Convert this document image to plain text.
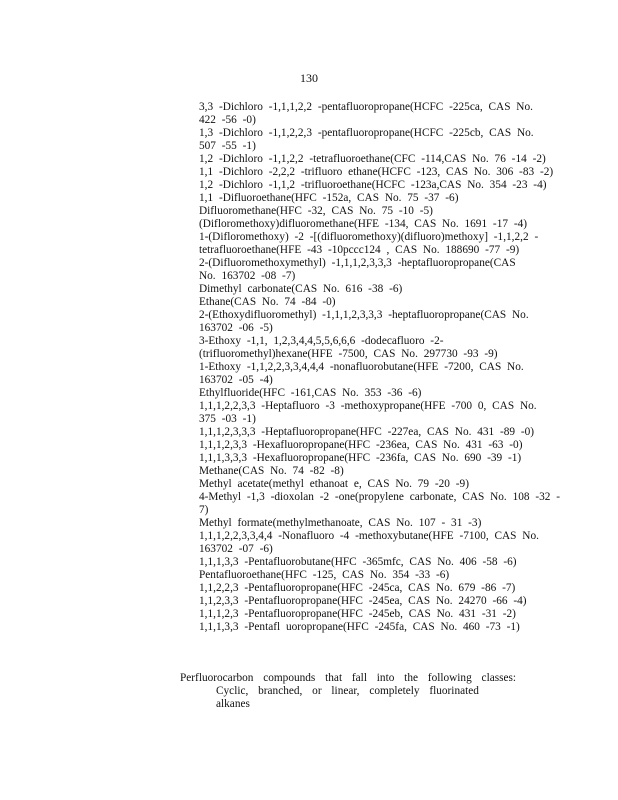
130
3,3 -Dichloro -1,1,1,2,2 -pentafluoropropane(HCFC -225ca, CAS No.
422 -56 -0)
1,3 -Dichloro -1,1,2,2,3 -pentafluoropropane(HCFC -225cb, CAS No.
507 -55 -1)
1,2 -Dichloro -1,1,2,2 -tetrafluoroethane(CFC -114,CAS No. 76 -14 -2)
1,1 -Dichloro -2,2,2 -trifluoro ethane(HCFC -123, CAS No. 306 -83 -2)
1,2 -Dichloro -1,1,2 -trifluoroethane(HCFC -123a,CAS No. 354 -23 -4)
1,1 -Difluoroethane(HFC -152a, CAS No. 75 -37 -6)
Difluoromethane(HFC -32, CAS No. 75 -10 -5)
(Difloromethoxy)difluoromethane(HFE -134, CAS No. 1691 -17 -4)
1-(Difloromethoxy) -2 -[(difluoromethoxy)(difluoro)methoxy] -1,1,2,2 -
tetrafluoroethane(HFE -43 -10pccc124 , CAS No. 188690 -77 -9)
2-(Difluoromethoxymethyl) -1,1,1,2,3,3,3 -heptafluoropropane(CAS
No. 163702 -08 -7)
Dimethyl carbonate(CAS No. 616 -38 -6)
Ethane(CAS No. 74 -84 -0)
2-(Ethoxydifluoromethyl) -1,1,1,2,3,3,3 -heptafluoropropane(CAS No.
163702 -06 -5)
3-Ethoxy -1,1, 1,2,3,4,4,5,5,6,6,6 -dodecafluoro -2-
(trifluoromethyl)hexane(HFE -7500, CAS No. 297730 -93 -9)
1-Ethoxy -1,1,2,2,3,3,4,4,4 -nonafluorobutane(HFE -7200, CAS No.
163702 -05 -4)
Ethylfluoride(HFC -161,CAS No. 353 -36 -6)
1,1,1,2,2,3,3 -Heptafluoro -3 -methoxypropane(HFE -700 0, CAS No.
375 -03 -1)
1,1,1,2,3,3,3 -Heptafluoropropane(HFC -227ea, CAS No. 431 -89 -0)
1,1,1,2,3,3 -Hexafluoropropane(HFC -236ea, CAS No. 431 -63 -0)
1,1,1,3,3,3 -Hexafluoropropane(HFC -236fa, CAS No. 690 -39 -1)
Methane(CAS No. 74 -82 -8)
Methyl acetate(methyl ethanoat e, CAS No. 79 -20 -9)
4-Methyl -1,3 -dioxolan -2 -one(propylene carbonate, CAS No. 108 -32 -
7)
Methyl formate(methylmethanoate, CAS No. 107 - 31 -3)
1,1,1,2,2,3,3,4,4 -Nonafluoro -4 -methoxybutane(HFE -7100, CAS No.
163702 -07 -6)
1,1,1,3,3 -Pentafluorobutane(HFC -365mfc, CAS No. 406 -58 -6)
Pentafluoroethane(HFC -125, CAS No. 354 -33 -6)
1,1,2,2,3 -Pentafluoropropane(HFC -245ca, CAS No. 679 -86 -7)
1,1,2,3,3 -Pentafluoropropane(HFC -245ea, CAS No. 24270 -66 -4)
1,1,1,2,3 -Pentafluoropropane(HFC -245eb, CAS No. 431 -31 -2)
1,1,1,3,3 -Pentafl uoropropane(HFC -245fa, CAS No. 460 -73 -1)
Perfluorocarbon compounds that fall into the following classes:
Cyclic, branched, or linear, completely fluorinated alkanes
